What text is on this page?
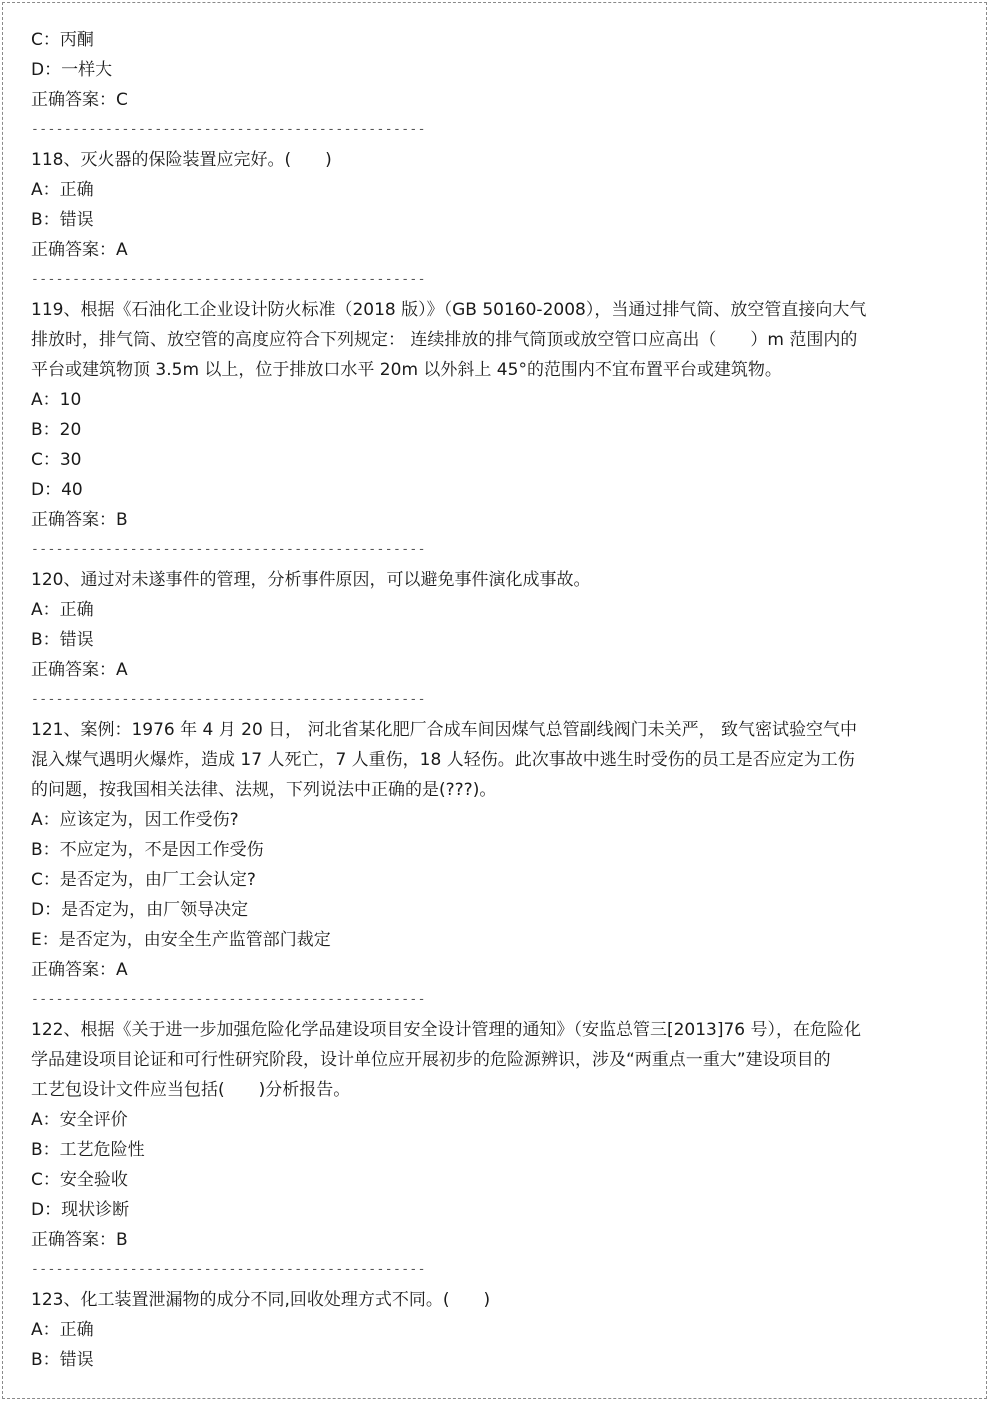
C：丙酮
D：一样大
正确答案：C
------------------------------------------------
118、灭火器的保险装置应完好。(　　)
A：正确
B：错误
正确答案：A
------------------------------------------------
119、根据《石油化工企业设计防火标准（2018 版）》（GB 50160-2008），当通过排气筒、放空管直接向大气
排放时，排气筒、放空管的高度应符合下列规定： 连续排放的排气筒顶或放空管口应高出（　　）m 范围内的
平台或建筑物顶 3.5m 以上，位于排放口水平 20m 以外斜上 45°的范围内不宜布置平台或建筑物。
A：10
B：20
C：30
D：40
正确答案：B
------------------------------------------------
120、通过对未遂事件的管理，分析事件原因，可以避免事件演化成事故。
A：正确
B：错误
正确答案：A
------------------------------------------------
121、案例：1976 年 4 月 20 日， 河北省某化肥厂合成车间因煤气总管副线阀门未关严， 致气密试验空气中
混入煤气遇明火爆炸，造成 17 人死亡，7 人重伤，18 人轻伤。此次事故中逃生时受伤的员工是否应定为工伤
的问题，按我国相关法律、法规，下列说法中正确的是(???)。
A：应该定为，因工作受伤?
B：不应定为，不是因工作受伤
C：是否定为，由厂工会认定?
D：是否定为，由厂领导决定
E：是否定为，由安全生产监管部门裁定
正确答案：A
------------------------------------------------
122、根据《关于进一步加强危险化学品建设项目安全设计管理的通知》（安监总管三[2013]76 号），在危险化
学品建设项目论证和可行性研究阶段，设计单位应开展初步的危险源辨识，涉及“两重点一重大”建设项目的
工艺包设计文件应当包括(　　)分析报告。
A：安全评价
B：工艺危险性
C：安全验收
D：现状诊断
正确答案：B
------------------------------------------------
123、化工装置泄漏物的成分不同,回收处理方式不同。(　　)
A：正确
B：错误
